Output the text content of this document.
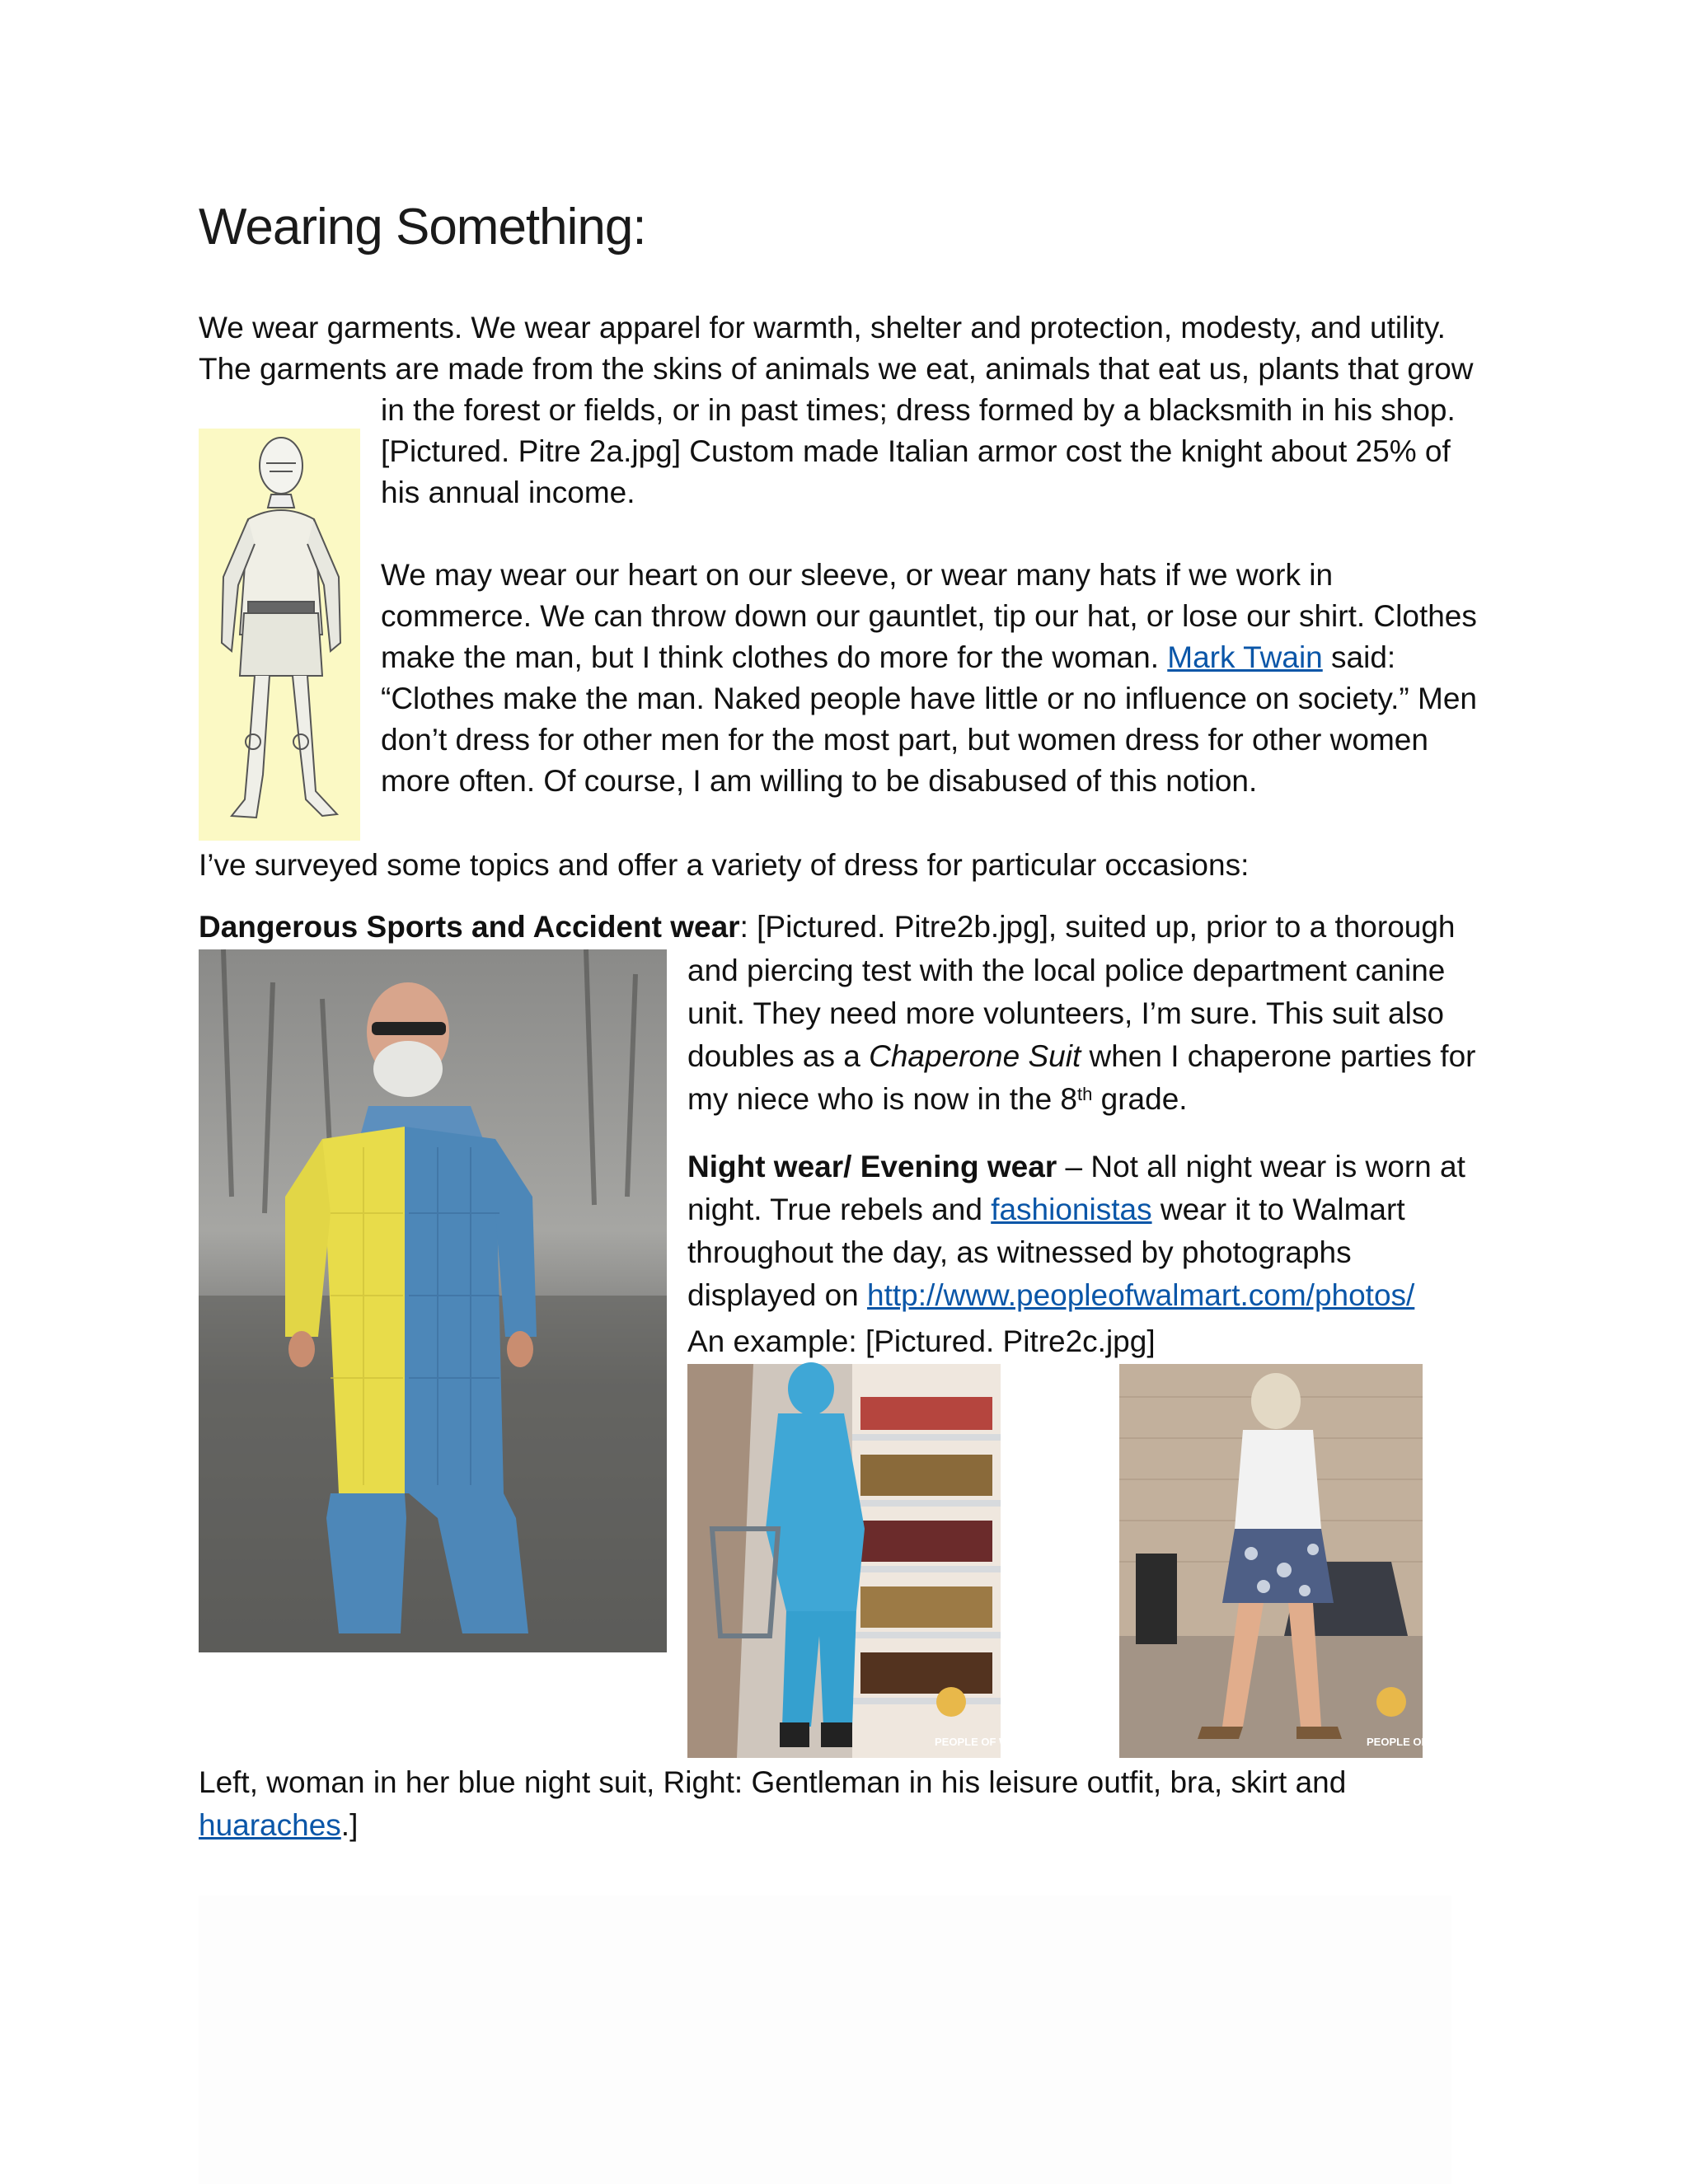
Wearing Something:
We wear garments. We wear apparel for warmth, shelter and protection, modesty, and utility.
The garments are made from the skins of animals we eat, animals that eat us, plants that grow
in the forest or fields, or in past times; dress formed by a blacksmith in his shop.
[Pictured. Pitre 2a.jpg] Custom made Italian armor cost the knight about 25% of
his annual income.
We may wear our heart on our sleeve, or wear many hats if we work in
commerce. We can throw down our gauntlet, tip our hat, or lose our shirt. Clothes
make the man, but I think clothes do more for the woman. Mark Twain said:
“Clothes make the man. Naked people have little or no influence on society.” Men
don’t dress for other men for the most part, but women dress for other women
more often. Of course, I am willing to be disabused of this notion.
I’ve surveyed some topics and offer a variety of dress for particular occasions:
Dangerous Sports and Accident wear: [Pictured. Pitre2b.jpg], suited up, prior to a thorough
and piercing test with the local police department canine
unit. They need more volunteers, I’m sure. This suit also
doubles as a Chaperone Suit when I chaperone parties for
my niece who is now in the 8th grade.
Night wear/ Evening wear – Not all night wear is worn at
night. True rebels and fashionistas wear it to Walmart
throughout the day, as witnessed by photographs
displayed on http://www.peopleofwalmart.com/photos/
An example: [Pictured. Pitre2c.jpg]
PEOPLE OF WALMART	PEOPLE OF WALMART
Left, woman in her blue night suit, Right: Gentleman in his leisure outfit, bra, skirt and
huaraches.]
